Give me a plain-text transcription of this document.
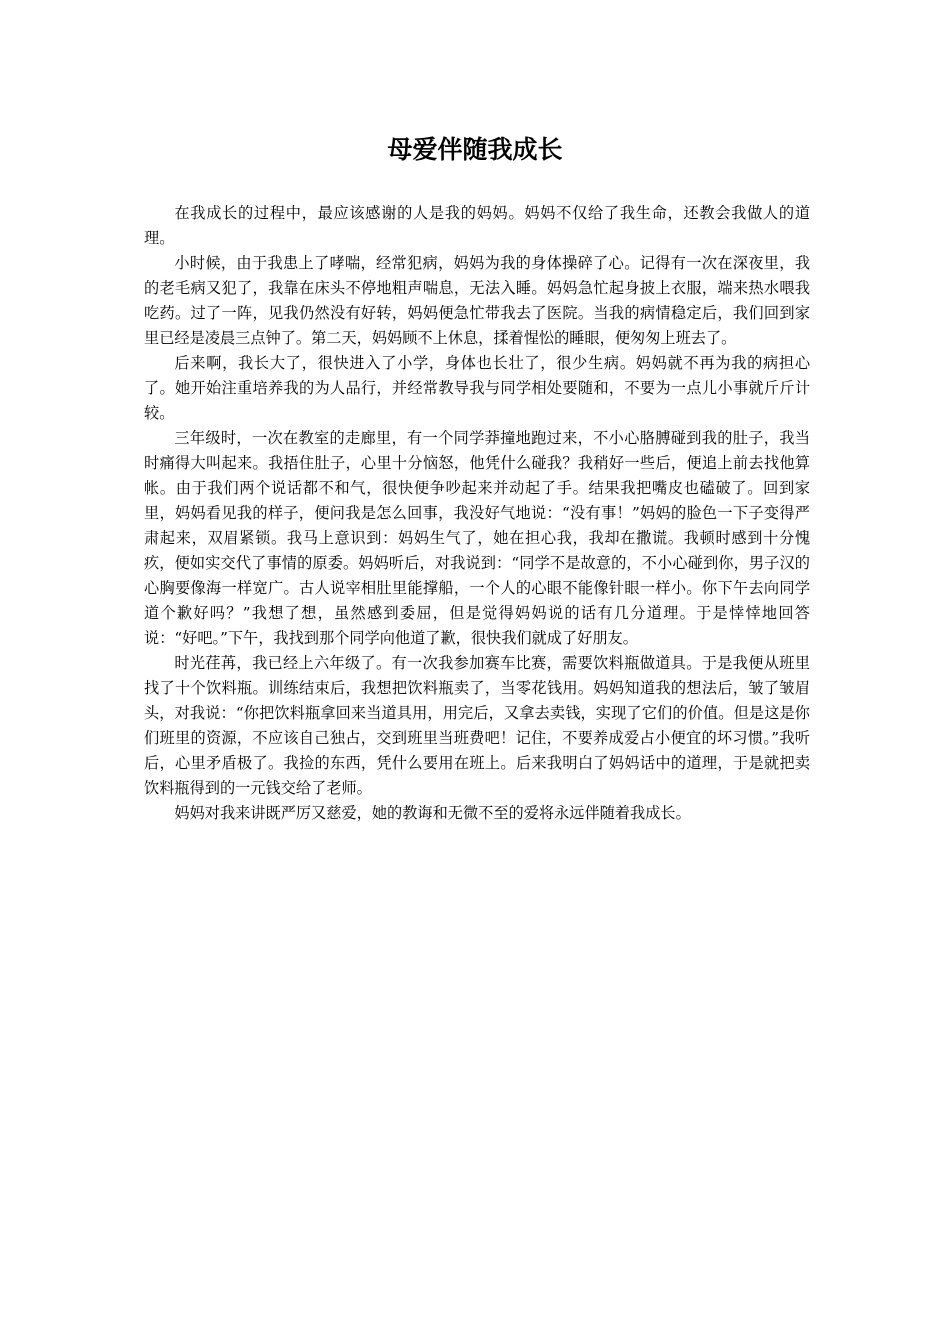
母爱伴随我成长

在我成长的过程中，最应该感谢的人是我的妈妈。妈妈不仅给了我生命，还教会我做人的道理。

小时候，由于我患上了哮喘，经常犯病，妈妈为我的身体操碎了心。记得有一次在深夜里，我的老毛病又犯了，我靠在床头不停地粗声喘息，无法入睡。妈妈急忙起身披上衣服，端来热水喂我吃药。过了一阵，见我仍然没有好转，妈妈便急忙带我去了医院。当我的病情稳定后，我们回到家里已经是凌晨三点钟了。第二天，妈妈顾不上休息，揉着惺忪的睡眼，便匆匆上班去了。

后来啊，我长大了，很快进入了小学，身体也长壮了，很少生病。妈妈就不再为我的病担心了。她开始注重培养我的为人品行，并经常教导我与同学相处要随和，不要为一点儿小事就斤斤计较。

三年级时，一次在教室的走廊里，有一个同学莽撞地跑过来，不小心胳膊碰到我的肚子，我当时痛得大叫起来。我捂住肚子，心里十分恼怒，他凭什么碰我？我稍好一些后，便追上前去找他算帐。由于我们两个说话都不和气，很快便争吵起来并动起了手。结果我把嘴皮也磕破了。回到家里，妈妈看见我的样子，便问我是怎么回事，我没好气地说：“没有事！”妈妈的脸色一下子变得严肃起来，双眉紧锁。我马上意识到：妈妈生气了，她在担心我，我却在撒谎。我顿时感到十分愧疚，便如实交代了事情的原委。妈妈听后，对我说到：“同学不是故意的，不小心碰到你，男子汉的心胸要像海一样宽广。古人说宰相肚里能撑船，一个人的心眼不能像针眼一样小。你下午去向同学道个歉好吗？”我想了想，虽然感到委屈，但是觉得妈妈说的话有几分道理。于是悻悻地回答说：“好吧。”下午，我找到那个同学向他道了歉，很快我们就成了好朋友。

时光荏苒，我已经上六年级了。有一次我参加赛车比赛，需要饮料瓶做道具。于是我便从班里找了十个饮料瓶。训练结束后，我想把饮料瓶卖了，当零花钱用。妈妈知道我的想法后，皱了皱眉头，对我说：“你把饮料瓶拿回来当道具用，用完后，又拿去卖钱，实现了它们的价值。但是这是你们班里的资源，不应该自己独占，交到班里当班费吧！记住，不要养成爱占小便宜的坏习惯。”我听后，心里矛盾极了。我捡的东西，凭什么要用在班上。后来我明白了妈妈话中的道理，于是就把卖饮料瓶得到的一元钱交给了老师。

妈妈对我来讲既严厉又慈爱，她的教诲和无微不至的爱将永远伴随着我成长。
